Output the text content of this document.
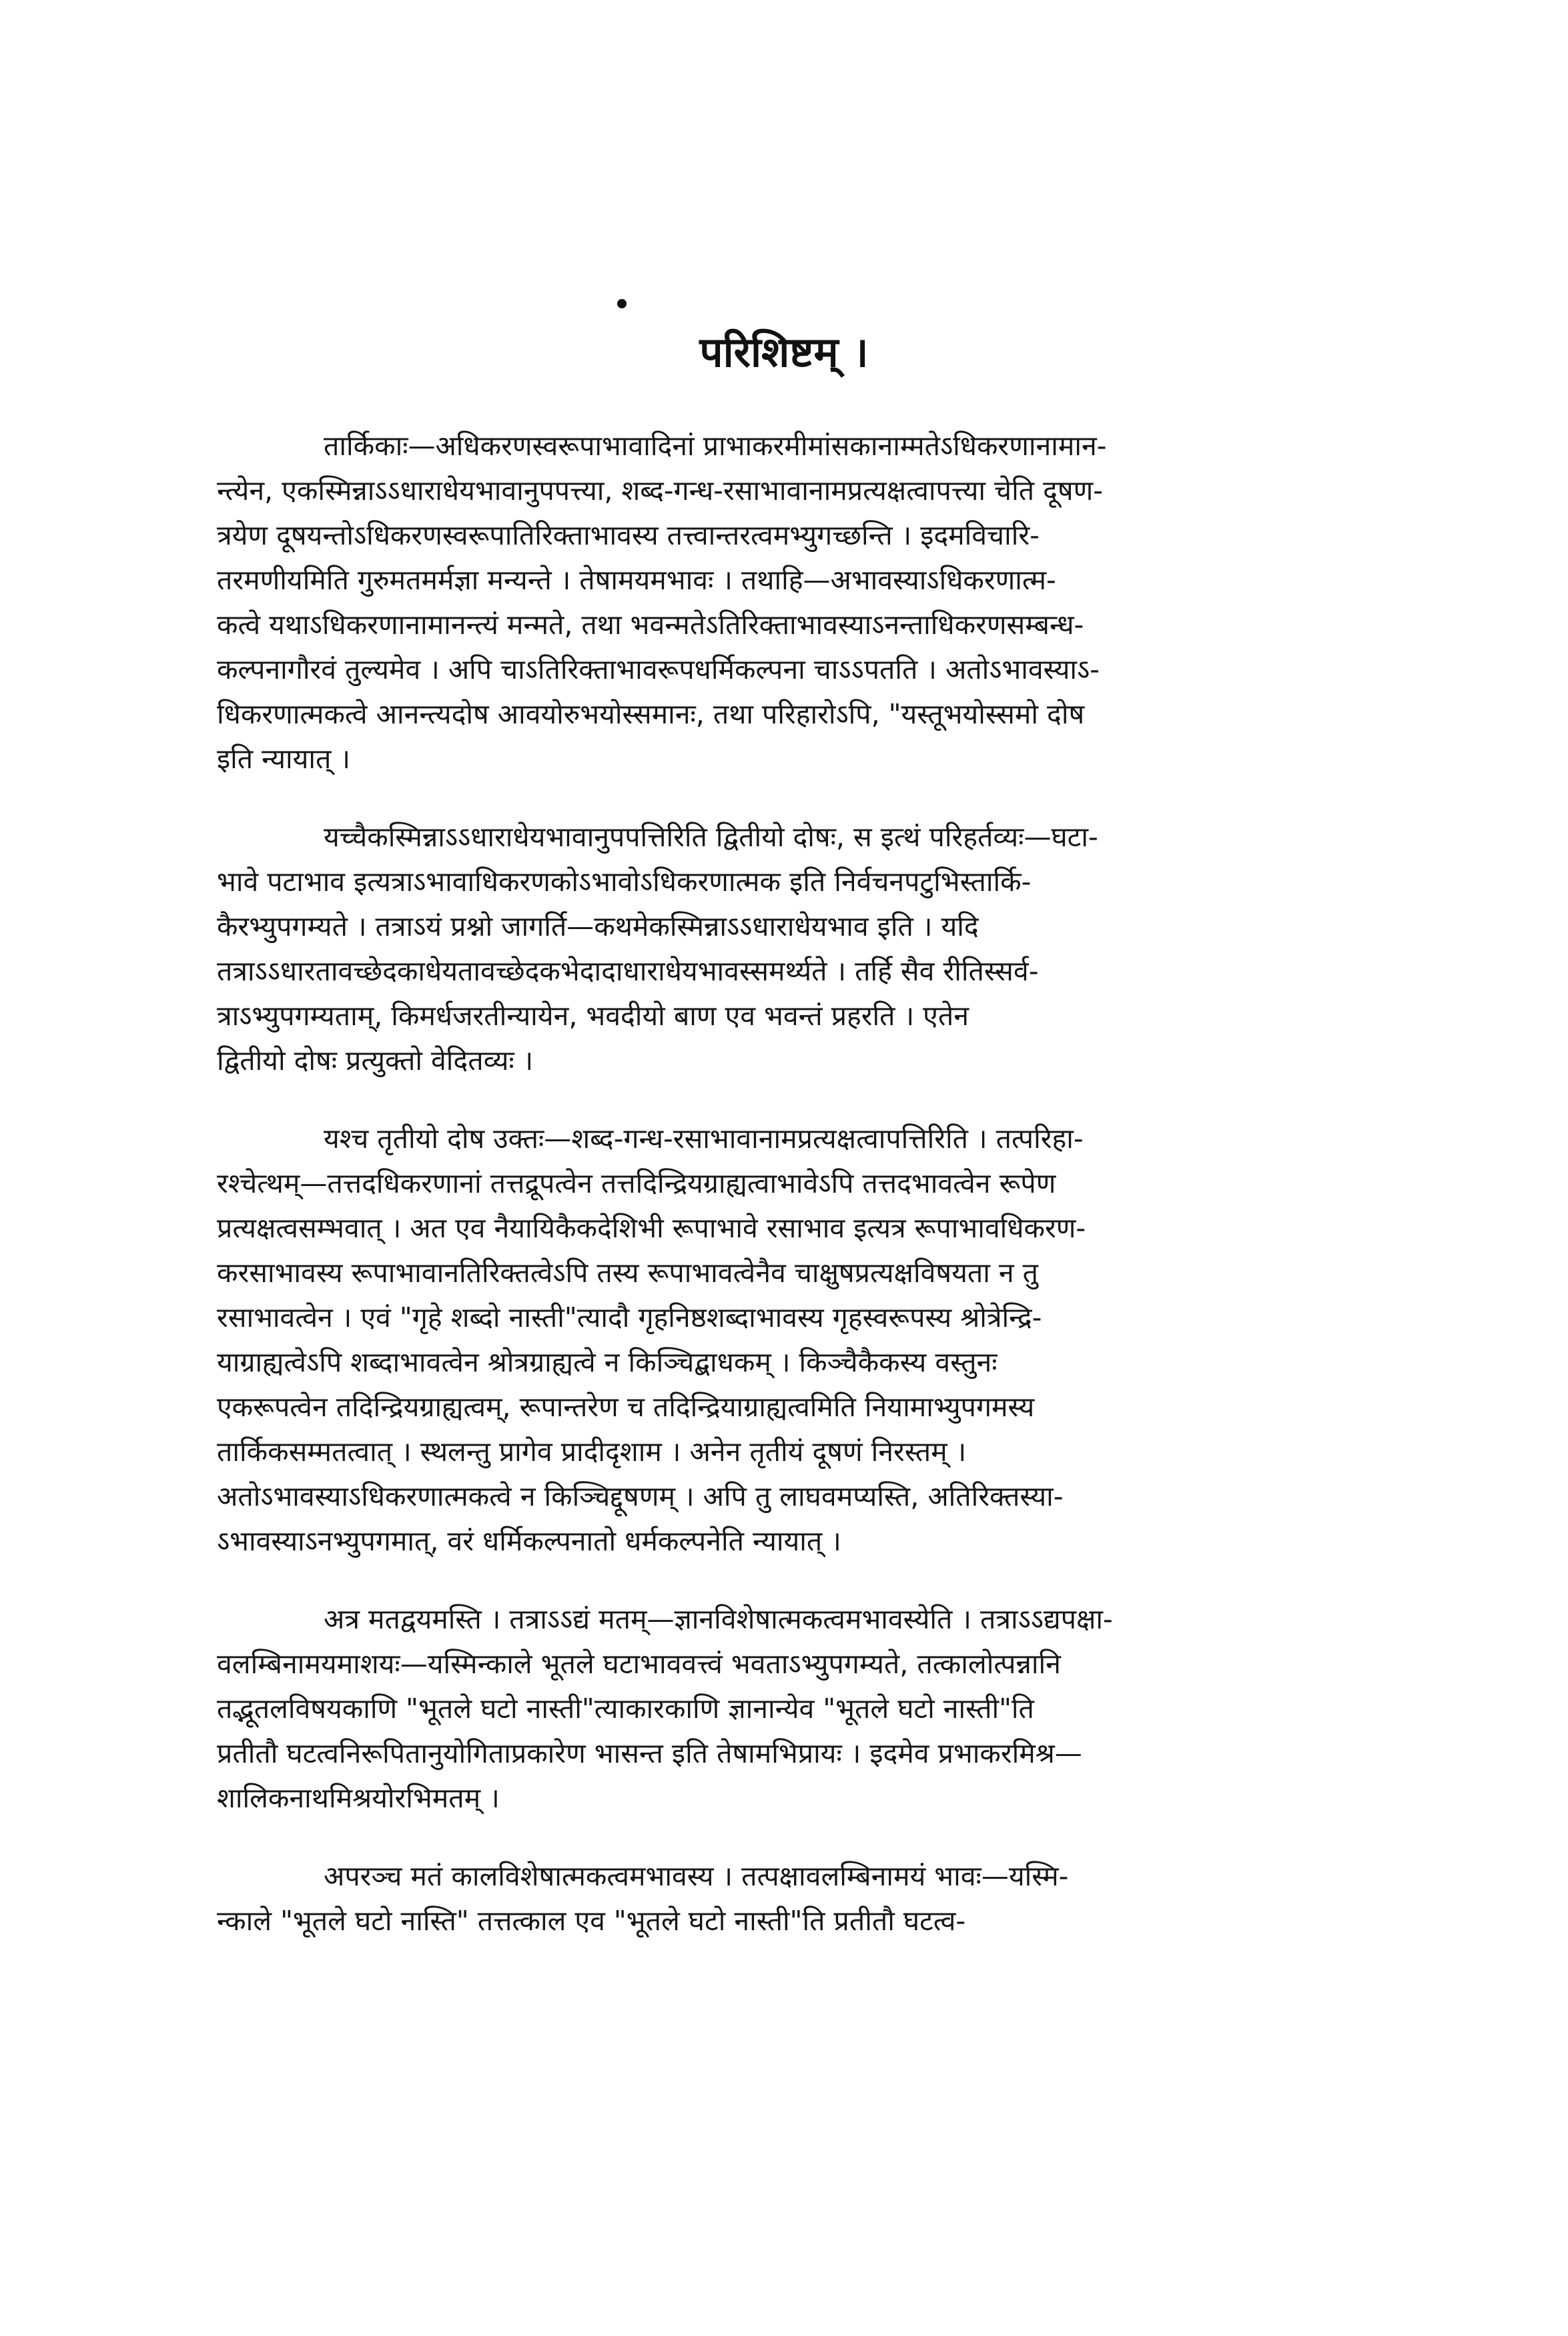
परिशिष्टम् ।
तार्किकाः—अधिकरणस्वरूपाभावादिनां प्राभाकरमीमांसकानाम्मतेऽधिकरणानामान-
न्त्येन, एकस्मिन्नाऽऽधाराधेयभावानुपपत्त्या, शब्द-गन्ध-रसाभावानामप्रत्यक्षत्वापत्त्या चेति दूषण-
त्रयेण दूषयन्तोऽधिकरणस्वरूपातिरिक्ताभावस्य तत्त्वान्तरत्वमभ्युगच्छन्ति । इदमविचारि-
तरमणीयमिति गुरुमतमर्मज्ञा मन्यन्ते । तेषामयमभावः । तथाहि—अभावस्याऽधिकरणात्म-
कत्वे यथाऽधिकरणानामानन्त्यं मन्मते, तथा भवन्मतेऽतिरिक्ताभावस्याऽनन्ताधिकरणसम्बन्ध-
कल्पनागौरवं तुल्यमेव । अपि चाऽतिरिक्ताभावरूपधर्मिकल्पना चाऽऽपतति । अतोऽभावस्याऽ-
धिकरणात्मकत्वे आनन्त्यदोष आवयोरुभयोस्समानः, तथा परिहारोऽपि, "यस्तूभयोस्समो दोष
इति न्यायात् ।
यच्चैकस्मिन्नाऽऽधाराधेयभावानुपपत्तिरिति द्वितीयो दोषः, स इत्थं परिहर्तव्यः—घटा-
भावे पटाभाव इत्यत्राऽभावाधिकरणकोऽभावोऽधिकरणात्मक इति निर्वचनपटुभिस्तार्कि-
कैरभ्युपगम्यते । तत्राऽयं प्रश्नो जागर्ति—कथमेकस्मिन्नाऽऽधाराधेयभाव इति । यदि
तत्राऽऽधारतावच्छेदकाधेयतावच्छेदकभेदादाधाराधेयभावस्समर्थ्यते । तर्हि सैव रीतिस्सर्व-
त्राऽभ्युपगम्यताम्, किमर्धजरतीन्यायेन, भवदीयो बाण एव भवन्तं प्रहरति । एतेन
द्वितीयो दोषः प्रत्युक्तो वेदितव्यः ।
यश्च तृतीयो दोष उक्तः—शब्द-गन्ध-रसाभावानामप्रत्यक्षत्वापत्तिरिति । तत्परिहा-
रश्चेत्थम्—तत्तदधिकरणानां तत्तद्रूपत्वेन तत्तदिन्द्रियग्राह्यत्वाभावेऽपि तत्तदभावत्वेन रूपेण
प्रत्यक्षत्वसम्भवात् । अत एव नैयायिकैकदेशिभी रूपाभावे रसाभाव इत्यत्र रूपाभावधिकरण-
करसाभावस्य रूपाभावानतिरिक्तत्वेऽपि तस्य रूपाभावत्वेनैव चाक्षुषप्रत्यक्षविषयता न तु
रसाभावत्वेन । एवं "गृहे शब्दो नास्ती"त्यादौ गृहनिष्ठशब्दाभावस्य गृहस्वरूपस्य श्रोत्रेन्द्रि-
याग्राह्यत्वेऽपि शब्दाभावत्वेन श्रोत्रग्राह्यत्वे न किञ्चिद्बाधकम् । किञ्चैकैकस्य वस्तुनः
एकरूपत्वेन तदिन्द्रियग्राह्यत्वम्, रूपान्तरेण च तदिन्द्रियाग्राह्यत्वमिति नियामाभ्युपगमस्य
तार्किकसम्मतत्वात् । स्थलन्तु प्रागेव प्रादीदृशाम । अनेन तृतीयं दूषणं निरस्तम् ।
अतोऽभावस्याऽधिकरणात्मकत्वे न किञ्चिद्दूषणम् । अपि तु लाघवमप्यस्ति, अतिरिक्तस्या-
ऽभावस्याऽनभ्युपगमात्, वरं धर्मिकल्पनातो धर्मकल्पनेति न्यायात् ।
अत्र मतद्वयमस्ति । तत्राऽऽद्यं मतम्—ज्ञानविशेषात्मकत्वमभावस्येति । तत्राऽऽद्यपक्षा-
वलम्बिनामयमाशयः—यस्मिन्काले भूतले घटाभाववत्त्वं भवताऽभ्युपगम्यते, तत्कालोत्पन्नानि
तद्भूतलविषयकाणि "भूतले घटो नास्ती"त्याकारकाणि ज्ञानान्येव "भूतले घटो नास्ती"ति
प्रतीतौ घटत्वनिरूपितानुयोगिताप्रकारेण भासन्त इति तेषामभिप्रायः । इदमेव प्रभाकरमिश्र—
शालिकनाथमिश्रयोरभिमतम् ।
अपरञ्च मतं कालविशेषात्मकत्वमभावस्य । तत्पक्षावलम्बिनामयं भावः—यस्मि-
न्काले "भूतले घटो नास्ति" तत्तत्काल एव "भूतले घटो नास्ती"ति प्रतीतौ घटत्व-
